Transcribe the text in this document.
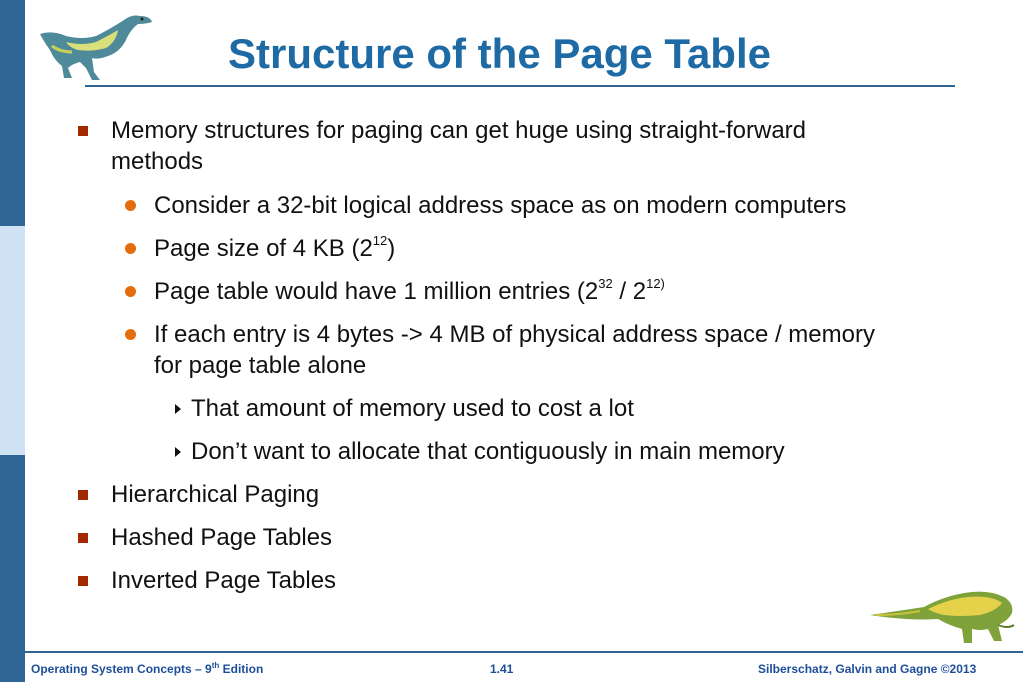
Structure of the Page Table

Memory structures for paging can get huge using straight-forward

methods

Consider a 32-bit logical address space as on modern computers

Page size of 4 KB $(2^{12})$

Page table would have 1 million entries ($2^{32} / 2^{12)}$

If each entry is 4 bytes -> 4 MB of physical address space / memory

for page table alone

That amount of memory used to cost a lot

Don’t want to allocate that contiguously in main memory

Hierarchical Paging

Hashed Page Tables

Inverted Page Tables

Operating System Concepts – 9th Edition	1.41	Silberschatz, Galvin and Gagne ©2013
